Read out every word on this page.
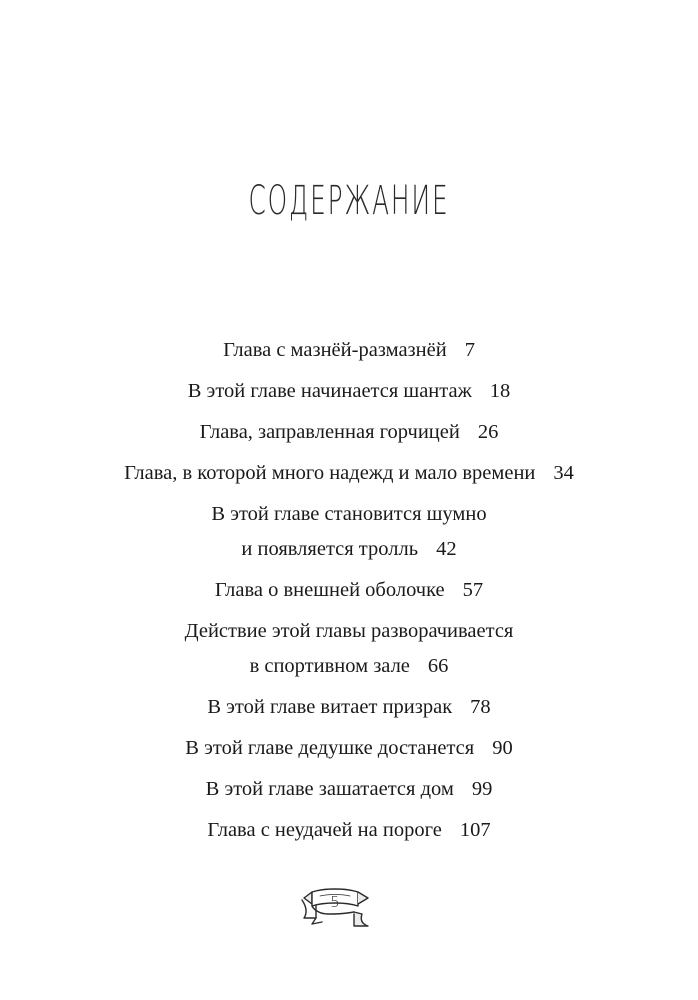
СОДЕРЖАНИЕ
Глава с мазнёй-размазнёй 7
В этой главе начинается шантаж 18
Глава, заправленная горчицей 26
Глава, в которой много надежд и мало времени 34
В этой главе становится шумно
и появляется тролль 42
Глава о внешней оболочке 57
Действие этой главы разворачивается
в спортивном зале 66
В этой главе витает призрак 78
В этой главе дедушке достанется 90
В этой главе зашатается дом 99
Глава с неудачей на пороге 107
5
